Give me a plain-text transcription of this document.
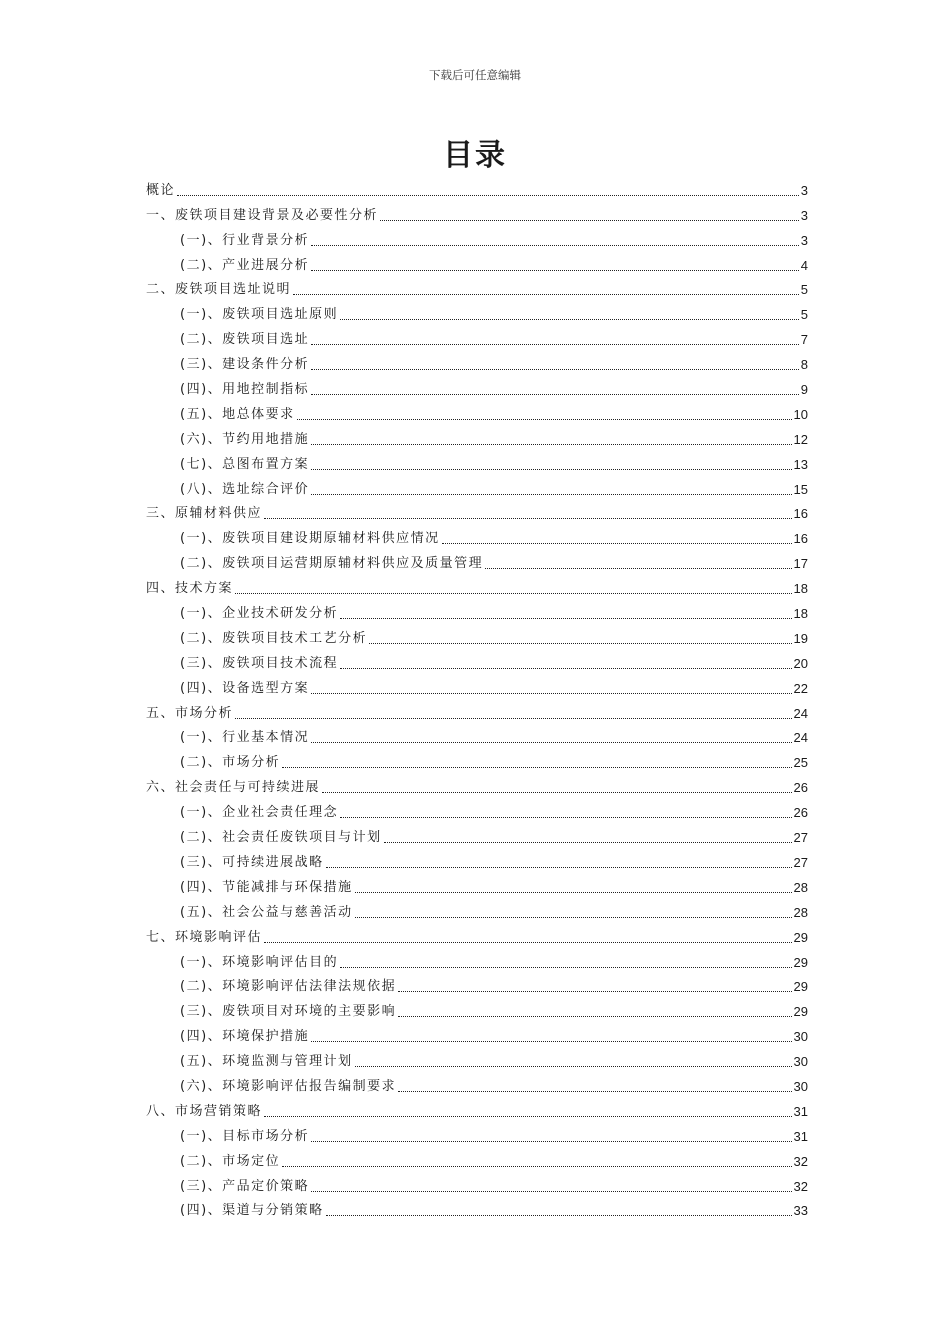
下载后可任意编辑
目录
概论	3
一、废铁项目建设背景及必要性分析	3
(一)、行业背景分析	3
(二)、产业进展分析	4
二、废铁项目选址说明	5
(一)、废铁项目选址原则	5
(二)、废铁项目选址	7
(三)、建设条件分析	8
(四)、用地控制指标	9
(五)、地总体要求	10
(六)、节约用地措施	12
(七)、总图布置方案	13
(八)、选址综合评价	15
三、原辅材料供应	16
(一)、废铁项目建设期原辅材料供应情况	16
(二)、废铁项目运营期原辅材料供应及质量管理	17
四、技术方案	18
(一)、企业技术研发分析	18
(二)、废铁项目技术工艺分析	19
(三)、废铁项目技术流程	20
(四)、设备选型方案	22
五、市场分析	24
(一)、行业基本情况	24
(二)、市场分析	25
六、社会责任与可持续进展	26
(一)、企业社会责任理念	26
(二)、社会责任废铁项目与计划	27
(三)、可持续进展战略	27
(四)、节能减排与环保措施	28
(五)、社会公益与慈善活动	28
七、环境影响评估	29
(一)、环境影响评估目的	29
(二)、环境影响评估法律法规依据	29
(三)、废铁项目对环境的主要影响	29
(四)、环境保护措施	30
(五)、环境监测与管理计划	30
(六)、环境影响评估报告编制要求	30
八、市场营销策略	31
(一)、目标市场分析	31
(二)、市场定位	32
(三)、产品定价策略	32
(四)、渠道与分销策略	33
